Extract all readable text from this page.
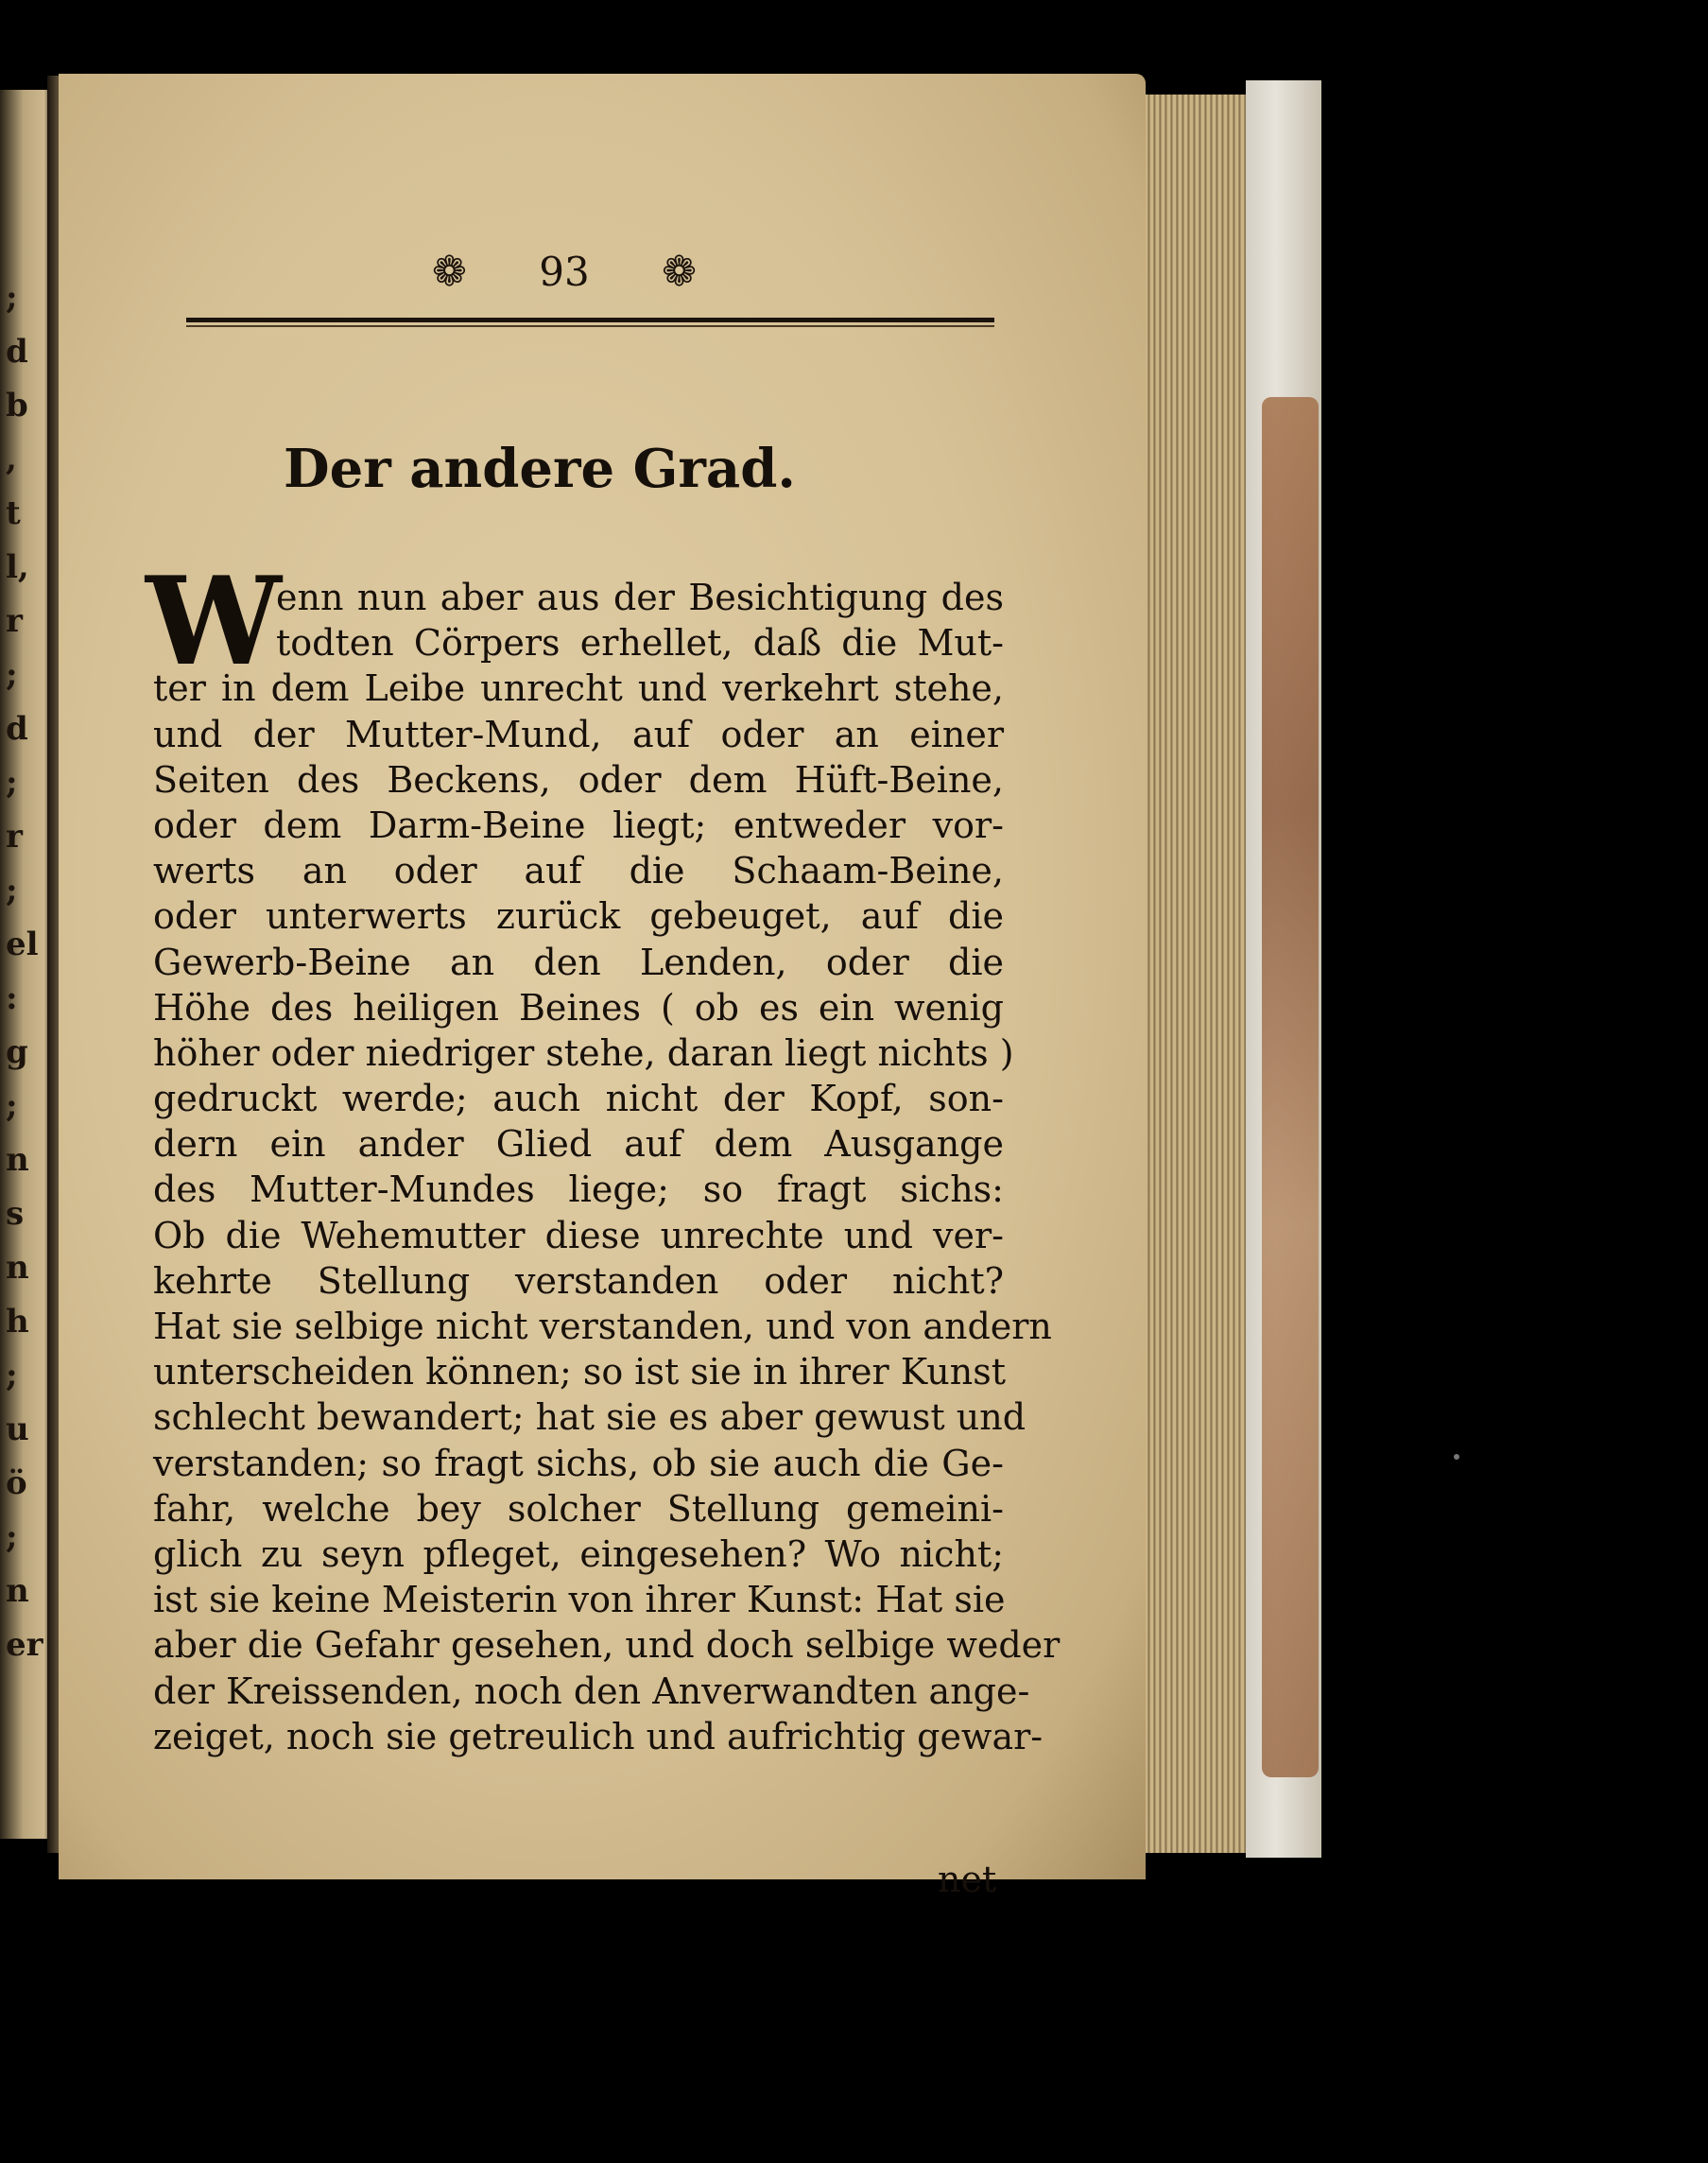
;
d
b
,
t
l,
r
;
d
;
r
;
el
:
g
;
n
s
n
h
;
u
ö
;
n
er
❁ 93 ❁
Der andere Grad.
W
enn nun aber aus der Besichtigung des
todten Cörpers erhellet, daß die Mut-
ter in dem Leibe unrecht und verkehrt stehe,
und der Mutter-Mund, auf oder an einer
Seiten des Beckens, oder dem Hüft-Beine,
oder dem Darm-Beine liegt; entweder vor-
werts an oder auf die Schaam-Beine,
oder unterwerts zurück gebeuget, auf die
Gewerb-Beine an den Lenden, oder die
Höhe des heiligen Beines ( ob es ein wenig
höher oder niedriger stehe, daran liegt nichts )
gedruckt werde; auch nicht der Kopf, son-
dern ein ander Glied auf dem Ausgange
des Mutter-Mundes liege; so fragt sichs:
Ob die Wehemutter diese unrechte und ver-
kehrte Stellung verstanden oder nicht?
Hat sie selbige nicht verstanden, und von andern
unterscheiden können; so ist sie in ihrer Kunst
schlecht bewandert; hat sie es aber gewust und
verstanden; so fragt sichs, ob sie auch die Ge-
fahr, welche bey solcher Stellung gemeini-
glich zu seyn pfleget, eingesehen? Wo nicht;
ist sie keine Meisterin von ihrer Kunst: Hat sie
aber die Gefahr gesehen, und doch selbige weder
der Kreissenden, noch den Anverwandten ange-
zeiget, noch sie getreulich und aufrichtig gewar-
net
